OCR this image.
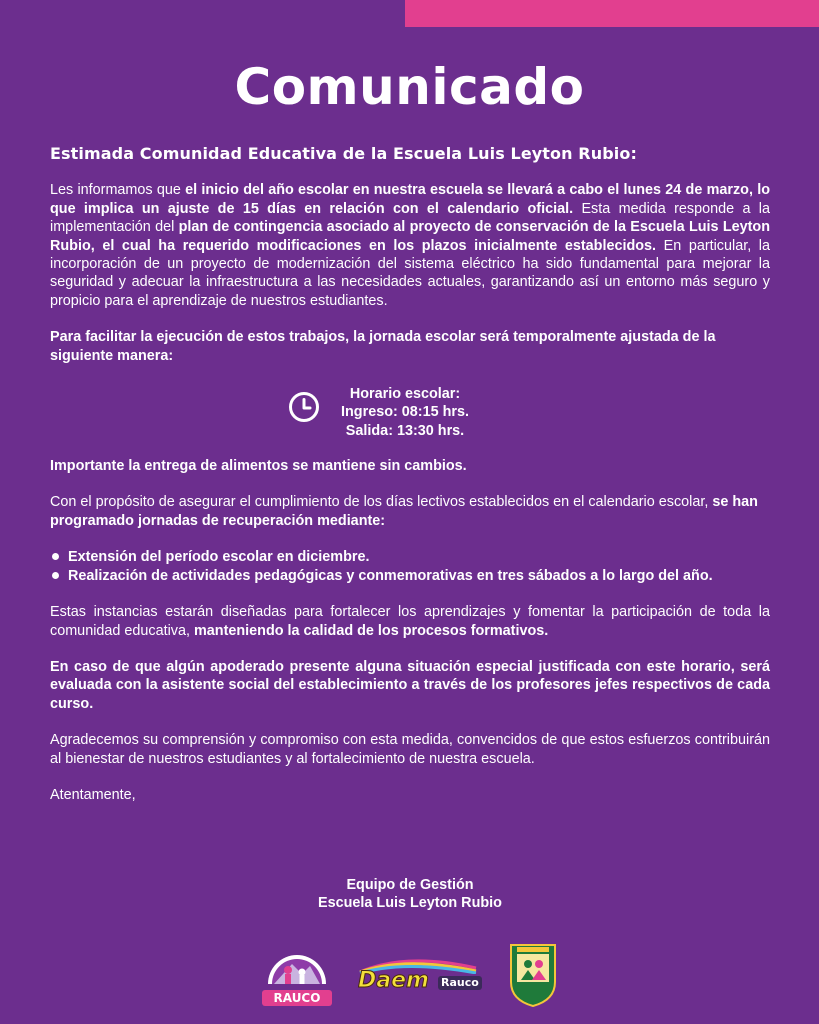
Comunicado

Estimada Comunidad Educativa de la Escuela Luis Leyton Rubio:

Les informamos que el inicio del año escolar en nuestra escuela se llevará a cabo el lunes 24 de marzo, lo que implica un ajuste de 15 días en relación con el calendario oficial. Esta medida responde a la implementación del plan de contingencia asociado al proyecto de conservación de la Escuela Luis Leyton Rubio, el cual ha requerido modificaciones en los plazos inicialmente establecidos. En particular, la incorporación de un proyecto de modernización del sistema eléctrico ha sido fundamental para mejorar la seguridad y adecuar la infraestructura a las necesidades actuales, garantizando así un entorno más seguro y propicio para el aprendizaje de nuestros estudiantes.

Para facilitar la ejecución de estos trabajos, la jornada escolar será temporalmente ajustada de la siguiente manera:

Horario escolar:
Ingreso: 08:15 hrs.
Salida: 13:30 hrs.

Importante la entrega de alimentos se mantiene sin cambios.

Con el propósito de asegurar el cumplimiento de los días lectivos establecidos en el calendario escolar, se han programado jornadas de recuperación mediante:

Extensión del período escolar en diciembre.
Realización de actividades pedagógicas y conmemorativas en tres sábados a lo largo del año.

Estas instancias estarán diseñadas para fortalecer los aprendizajes y fomentar la participación de toda la comunidad educativa, manteniendo la calidad de los procesos formativos.

En caso de que algún apoderado presente alguna situación especial justificada con este horario, será evaluada con la asistente social del establecimiento a través de los profesores jefes respectivos de cada curso.

Agradecemos su comprensión y compromiso con esta medida, convencidos de que estos esfuerzos contribuirán al bienestar de nuestros estudiantes y al fortalecimiento de nuestra escuela.

Atentamente,

Equipo de Gestión
Escuela Luis Leyton Rubio
RAUCO
Daem Rauco
